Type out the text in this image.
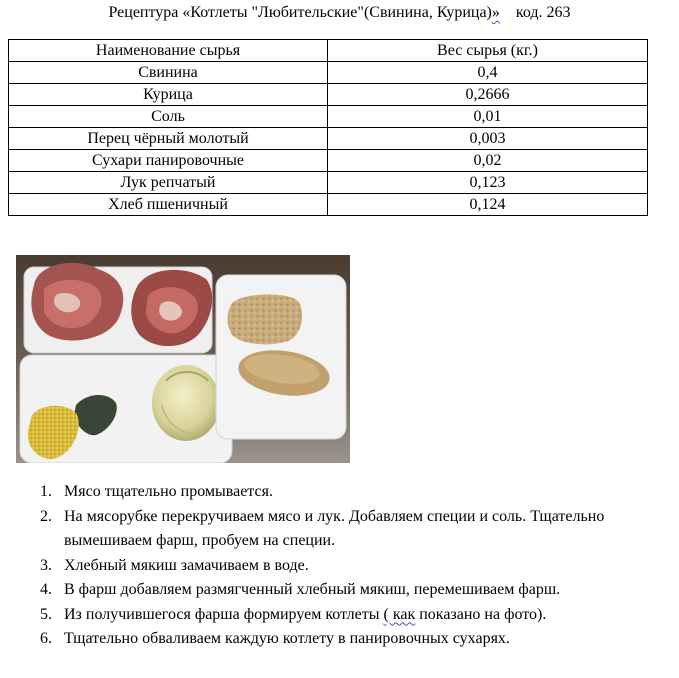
Рецептура «Котлеты "Любительские"(Свинина, Курица)» код. 263
Наименование сырья	Вес сырья (кг.)
Свинина	0,4
Курица	0,2666
Соль	0,01
Перец чёрный молотый	0,003
Сухари панировочные	0,02
Лук репчатый	0,123
Хлеб пшеничный	0,124
1. Мясо тщательно промывается.
2. На мясорубке перекручиваем мясо и лук. Добавляем специи и соль. Тщательно вымешиваем фарш, пробуем на специи.
3. Хлебный мякиш замачиваем в воде.
4. В фарш добавляем размягченный хлебный мякиш, перемешиваем фарш.
5. Из получившегося фарша формируем котлеты ( как показано на фото).
6. Тщательно обваливаем каждую котлету в панировочных сухарях.
